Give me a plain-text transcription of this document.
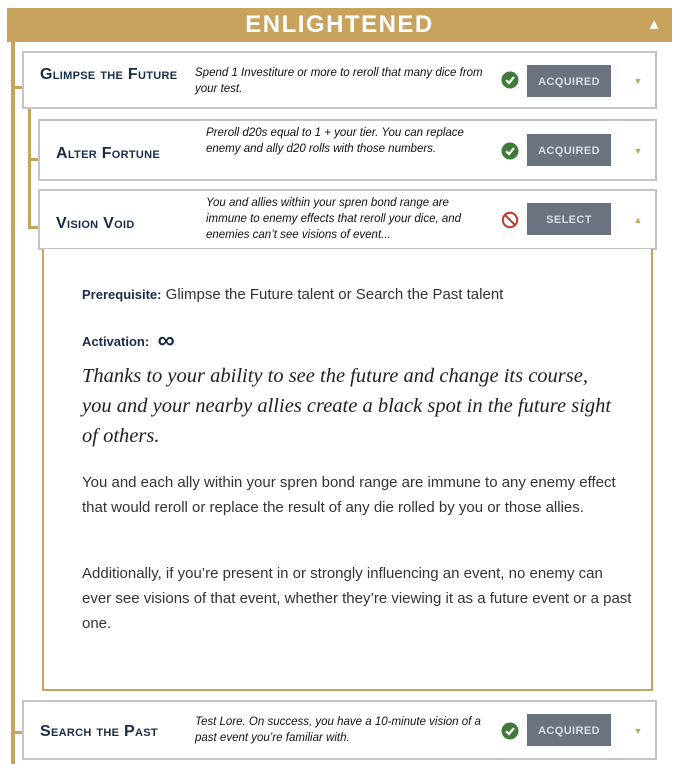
ENLIGHTENED	▲
Glimpse the Future Spend 1 Investiture or more to reroll that many dice from your test.
ACQUIRED	▼
Alter Fortune
Preroll d20s equal to 1 + your tier. You can replace enemy and ally d20 rolls with those numbers.	ACQUIRED	▼
Vision Void
You and allies within your spren bond range are immune to enemy effects that reroll your dice, and enemies can’t see visions of event...
SELECT	▲
Prerequisite: Glimpse the Future talent or Search the Past talent
Activation: ∞
Thanks to your ability to see the future and change its course, you and your nearby allies create a black spot in the future sight of others.
You and each ally within your spren bond range are immune to any enemy effect that would reroll or replace the result of any die rolled by you or those allies.
Additionally, if you’re present in or strongly influencing an event, no enemy can ever see visions of that event, whether they’re viewing it as a future event or a past one.
Search the Past
Test Lore. On success, you have a 10-minute vision of a past event you’re familiar with.
ACQUIRED	▼
